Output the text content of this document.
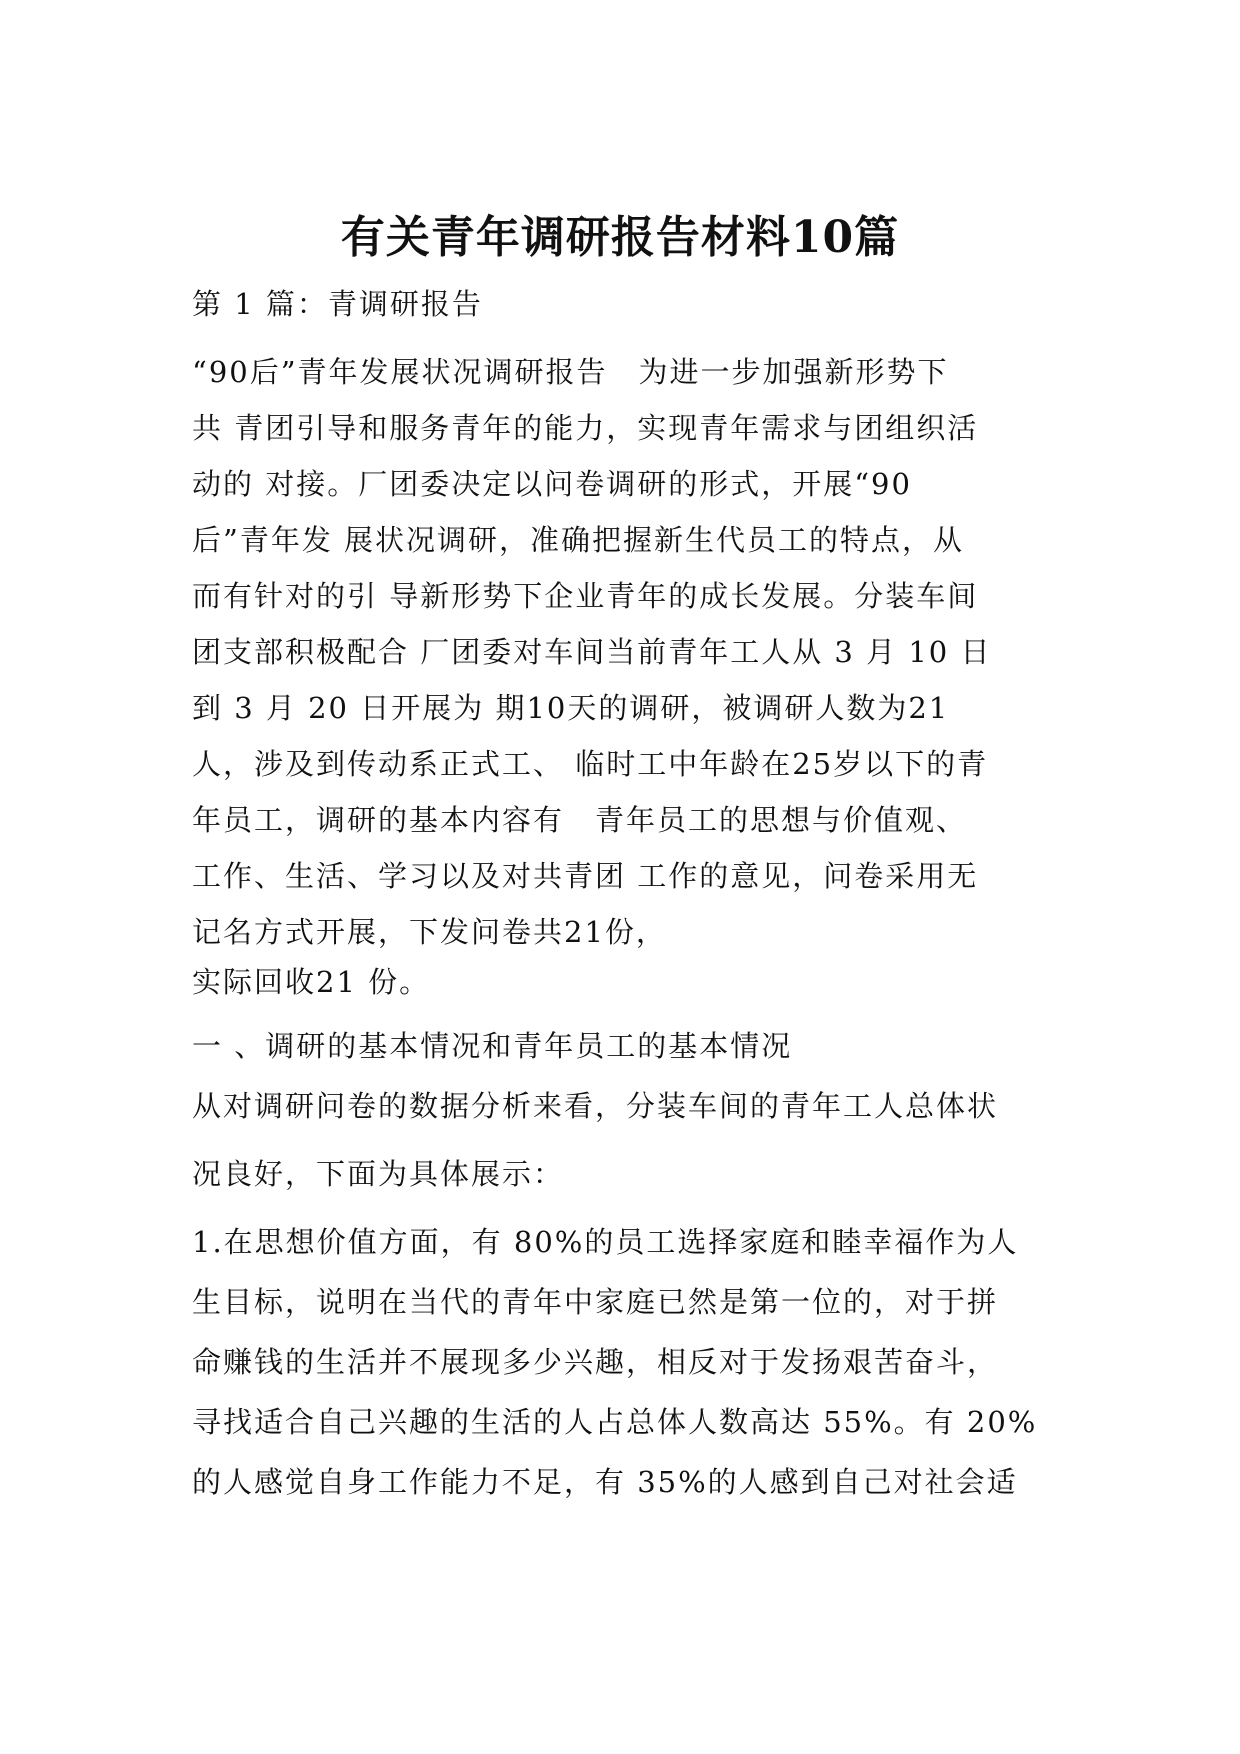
有关青年调研报告材料10篇
第 1 篇：青调研报告
“90后”青年发展状况调研报告　为进一步加强新形势下
共 青团引导和服务青年的能力，实现青年需求与团组织活
动的 对接。厂团委决定以问卷调研的形式，开展“90
后”青年发 展状况调研，准确把握新生代员工的特点，从
而有针对的引 导新形势下企业青年的成长发展。分装车间
团支部积极配合 厂团委对车间当前青年工人从 3 月 10 日
到 3 月 20 日开展为 期10天的调研，被调研人数为21
人，涉及到传动系正式工、 临时工中年龄在25岁以下的青
年员工，调研的基本内容有　青年员工的思想与价值观、
工作、生活、学习以及对共青团 工作的意见，问卷采用无
记名方式开展，下发问卷共21份，
实际回收21 份。
一 、调研的基本情况和青年员工的基本情况
从对调研问卷的数据分析来看，分装车间的青年工人总体状
况良好，下面为具体展示：
1.在思想价值方面，有 80%的员工选择家庭和睦幸福作为人
生目标，说明在当代的青年中家庭已然是第一位的，对于拼
命赚钱的生活并不展现多少兴趣，相反对于发扬艰苦奋斗，
寻找适合自己兴趣的生活的人占总体人数高达 55%。有 20%
的人感觉自身工作能力不足，有 35%的人感到自己对社会适
